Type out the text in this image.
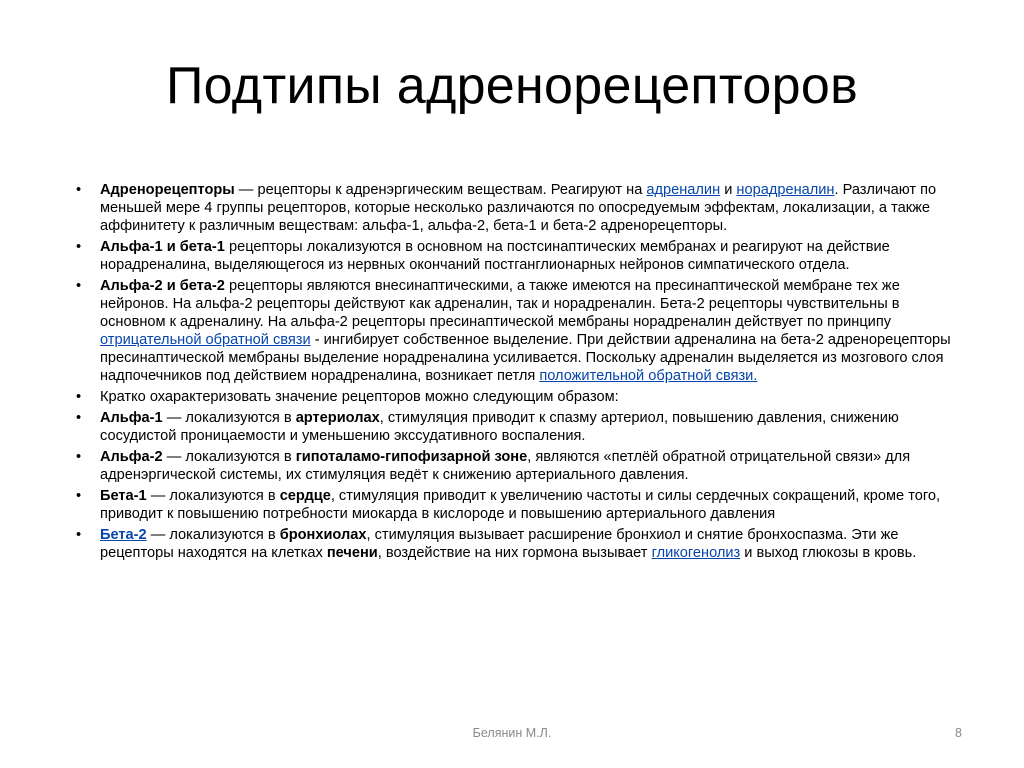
Подтипы адренорецепторов
•	Адренорецепторы — рецепторы к адренэргическим веществам. Реагируют на адреналин и норадреналин. Различают по меньшей мере 4 группы рецепторов, которые несколько различаются по опосредуемым эффектам, локализации, а также аффинитету к различным веществам: альфа-1, альфа-2, бета-1 и бета-2 адренорецепторы.
•	Альфа-1 и бета-1 рецепторы локализуются в основном на постсинаптических мембранах и реагируют на действие норадреналина, выделяющегося из нервных окончаний постганглионарных нейронов симпатического отдела.
•	Альфа-2 и бета-2 рецепторы являются внесинаптическими, а также имеются на пресинаптической мембране тех же нейронов. На альфа-2 рецепторы действуют как адреналин, так и норадреналин. Бета-2 рецепторы чувствительны в основном к адреналину. На альфа-2 рецепторы пресинаптической мембраны норадреналин действует по принципу отрицательной обратной связи - ингибирует собственное выделение. При действии адреналина на бета-2 адренорецепторы пресинаптической мембраны выделение норадреналина усиливается. Поскольку адреналин выделяется из мозгового слоя надпочечников под действием норадреналина, возникает петля положительной обратной связи.
•	Кратко охарактеризовать значение рецепторов можно следующим образом:
•	Альфа-1 — локализуются в артериолах, стимуляция приводит к спазму артериол, повышению давления, снижению сосудистой проницаемости и уменьшению экссудативного воспаления.
•	Альфа-2 — локализуются в гипоталамо-гипофизарной зоне, являются «петлёй обратной отрицательной связи» для адренэргической системы, их стимуляция ведёт к снижению артериального давления.
•	Бета-1 — локализуются в сердце, стимуляция приводит к увеличению частоты и силы сердечных сокращений, кроме того, приводит к повышению потребности миокарда в кислороде и повышению артериального давления
•	Бета-2 — локализуются в бронхиолах, стимуляция вызывает расширение бронхиол и снятие бронхоспазма. Эти же рецепторы находятся на клетках печени, воздействие на них гормона вызывает гликогенолиз и выход глюкозы в кровь.
Белянин М.Л.	8
